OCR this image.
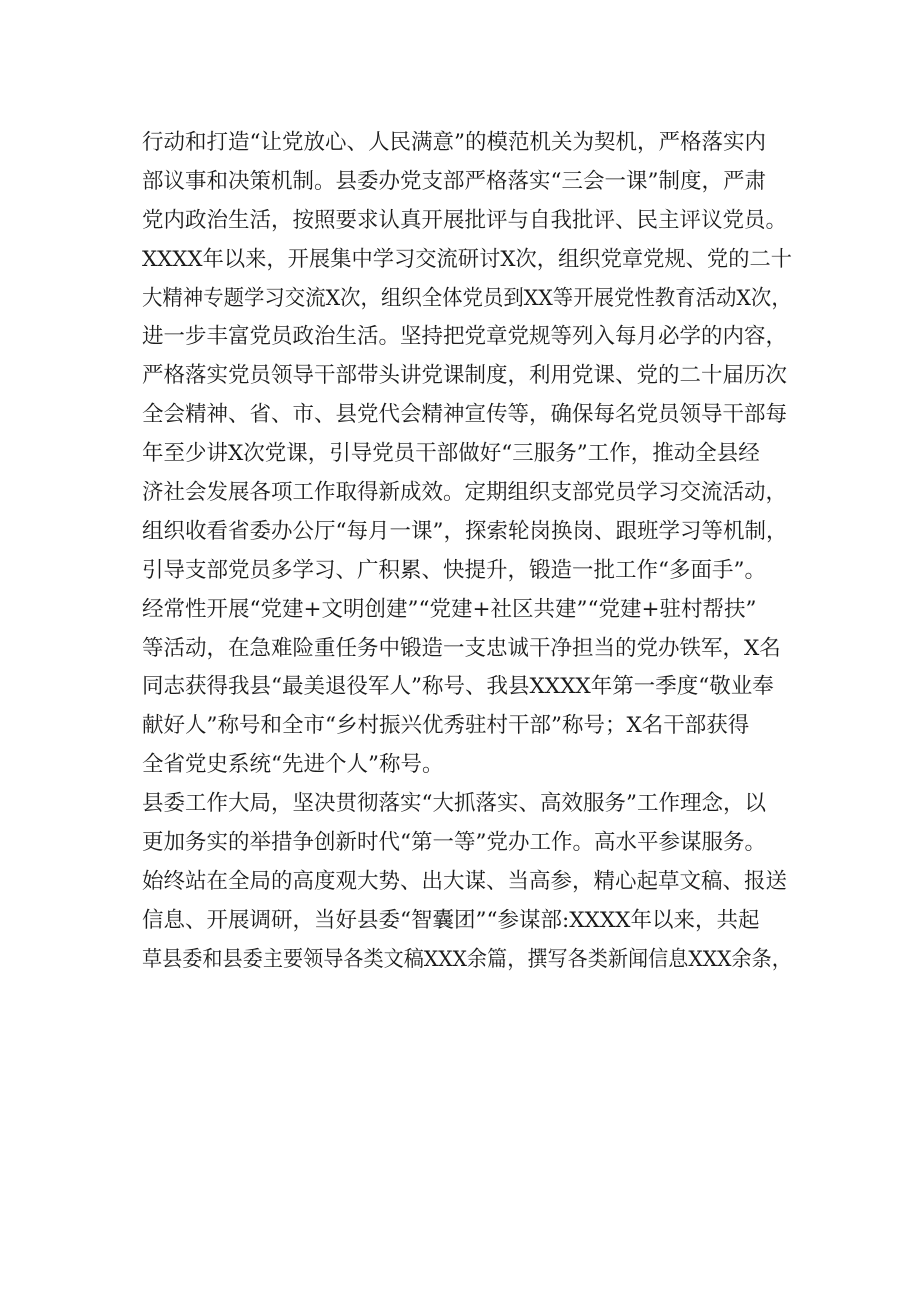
行动和打造“让党放心、人民满意”的模范机关为契机，严格落实内
部议事和决策机制。县委办党支部严格落实“三会一课”制度，严肃
党内政治生活，按照要求认真开展批评与自我批评、民主评议党员。
XXXX年以来，开展集中学习交流研讨X次，组织党章党规、党的二十
大精神专题学习交流X次，组织全体党员到XX等开展党性教育活动X次，
进一步丰富党员政治生活。坚持把党章党规等列入每月必学的内容，
严格落实党员领导干部带头讲党课制度，利用党课、党的二十届历次
全会精神、省、市、县党代会精神宣传等，确保每名党员领导干部每
年至少讲X次党课，引导党员干部做好“三服务”工作，推动全县经
济社会发展各项工作取得新成效。定期组织支部党员学习交流活动，
组织收看省委办公厅“每月一课”，探索轮岗换岗、跟班学习等机制，
引导支部党员多学习、广积累、快提升，锻造一批工作“多面手”。
经常性开展“党建+文明创建”“党建+社区共建”“党建+驻村帮扶”
等活动，在急难险重任务中锻造一支忠诚干净担当的党办铁军，X名
同志获得我县“最美退役军人”称号、我县XXXX年第一季度“敬业奉
献好人”称号和全市“乡村振兴优秀驻村干部”称号；X名干部获得
全省党史系统“先进个人”称号。
县委工作大局，坚决贯彻落实“大抓落实、高效服务”工作理念，以
更加务实的举措争创新时代“第一等”党办工作。高水平参谋服务。
始终站在全局的高度观大势、出大谋、当高参，精心起草文稿、报送
信息、开展调研，当好县委“智囊团”“参谋部:XXXX年以来，共起
草县委和县委主要领导各类文稿XXX余篇，撰写各类新闻信息XXX余条，
